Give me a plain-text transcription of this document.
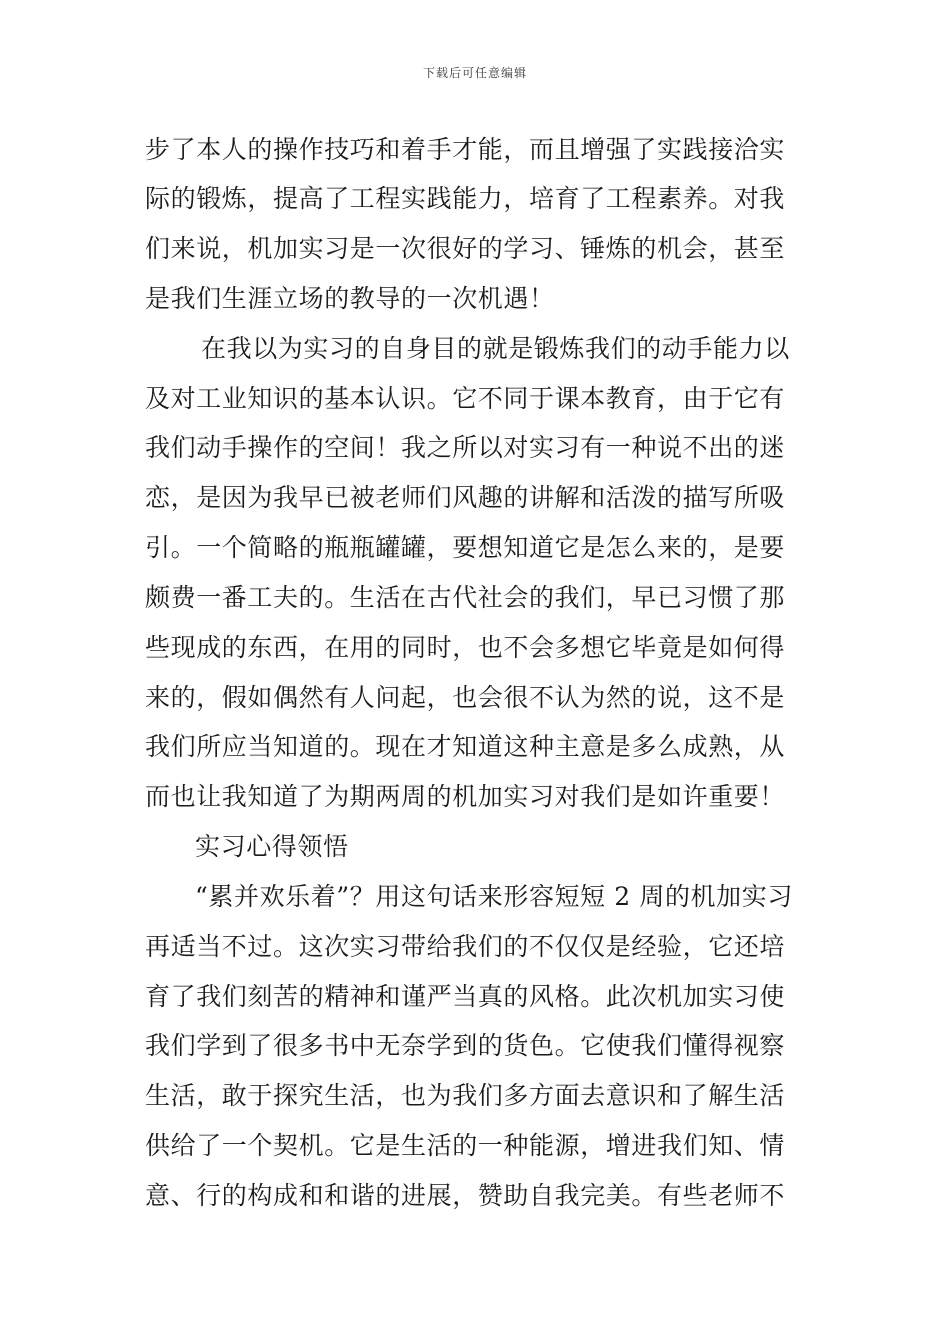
下载后可任意编辑
步了本人的操作技巧和着手才能，而且增强了实践接洽实
际的锻炼，提高了工程实践能力，培育了工程素养。对我
们来说，机加实习是一次很好的学习、锤炼的机会，甚至
是我们生涯立场的教导的一次机遇！
在我以为实习的自身目的就是锻炼我们的动手能力以
及对工业知识的基本认识。它不同于课本教育，由于它有
我们动手操作的空间！我之所以对实习有一种说不出的迷
恋，是因为我早已被老师们风趣的讲解和活泼的描写所吸
引。一个简略的瓶瓶罐罐，要想知道它是怎么来的，是要
颇费一番工夫的。生活在古代社会的我们，早已习惯了那
些现成的东西，在用的同时，也不会多想它毕竟是如何得
来的，假如偶然有人问起，也会很不认为然的说，这不是
我们所应当知道的。现在才知道这种主意是多么成熟，从
而也让我知道了为期两周的机加实习对我们是如许重要！
实习心得领悟
“累并欢乐着”？用这句话来形容短短 2 周的机加实习
再适当不过。这次实习带给我们的不仅仅是经验，它还培
育了我们刻苦的精神和谨严当真的风格。此次机加实习使
我们学到了很多书中无奈学到的货色。它使我们懂得视察
生活，敢于探究生活，也为我们多方面去意识和了解生活
供给了一个契机。它是生活的一种能源，增进我们知、情
意、行的构成和和谐的进展，赞助自我完美。有些老师不
